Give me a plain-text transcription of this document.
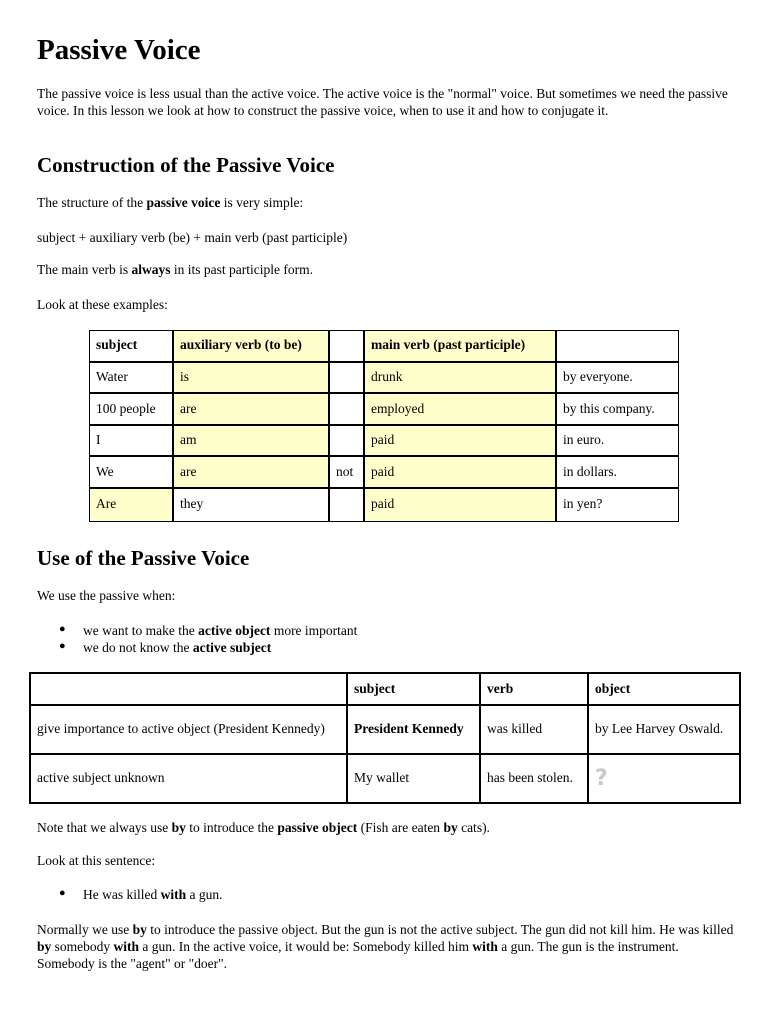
Passive Voice

The passive voice is less usual than the active voice. The active voice is the "normal" voice. But sometimes we need the passive voice. In this lesson we look at how to construct the passive voice, when to use it and how to conjugate it.

Construction of the Passive Voice

The structure of the passive voice is very simple:

subject + auxiliary verb (be) + main verb (past participle)

The main verb is always in its past participle form.

Look at these examples:

subject	auxiliary verb (to be)		main verb (past participle)	
Water	is		drunk	by everyone.
100 people	are		employed	by this company.
I	am		paid	in euro.
We	are	not	paid	in dollars.
Are	they		paid	in yen?
Use of the Passive Voice

We use the passive when:

● we want to make the active object more important
● we do not know the active subject
	subject	verb	object
give importance to active object (President Kennedy)	President Kennedy	was killed	by Lee Harvey Oswald.
active subject unknown	My wallet	has been stolen.	?

Note that we always use by to introduce the passive object (Fish are eaten by cats).

Look at this sentence:

● He was killed with a gun.

Normally we use by to introduce the passive object. But the gun is not the active subject. The gun did not kill him. He was killed by somebody with a gun. In the active voice, it would be: Somebody killed him with a gun. The gun is the instrument. Somebody is the "agent" or "doer".
